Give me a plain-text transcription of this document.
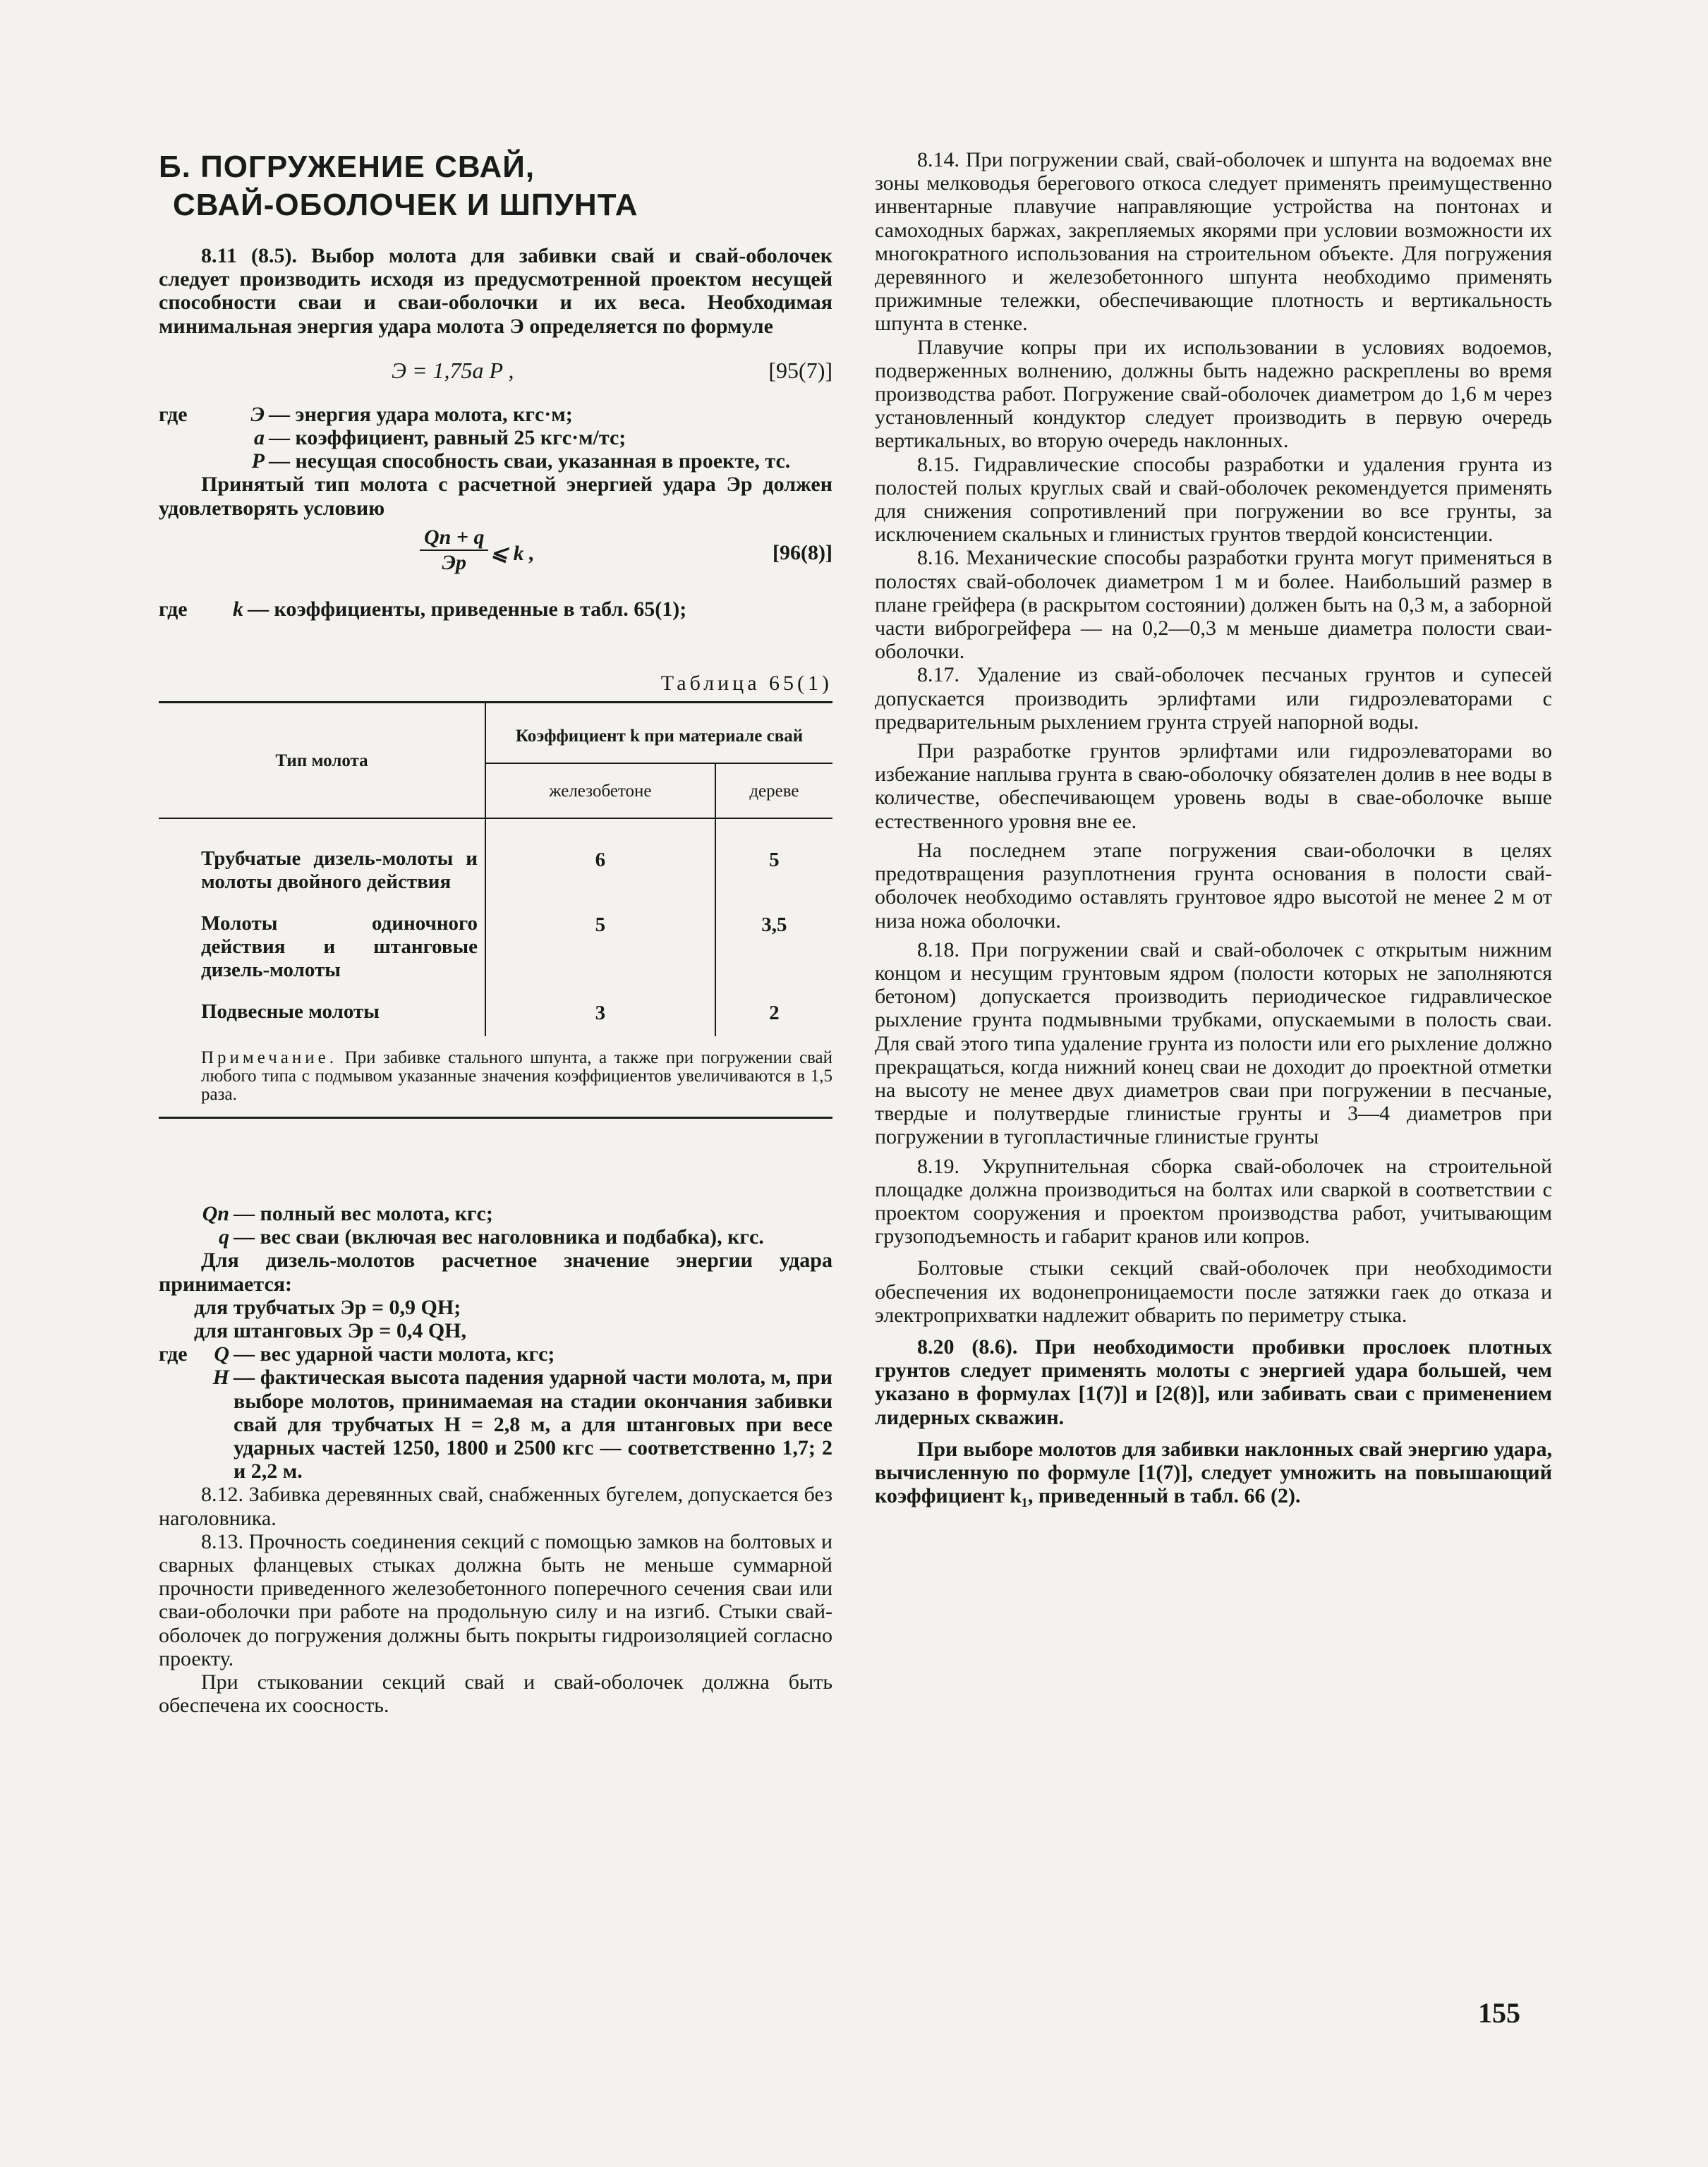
Б. ПОГРУЖЕНИЕ СВАЙ,
СВАЙ-ОБОЛОЧЕК И ШПУНТА

8.11 (8.5). Выбор молота для забивки свай и свай-оболочек следует производить исходя из предусмотренной проектом несущей способности сваи и сваи-оболочки и их веса. Необходимая минимальная энергия удара молота Э определяется по формуле

Э = 1,75a P ,	[95(7)]
где	Э — энергия удара молота, кгс·м;
a — коэффициент, равный 25 кгс·м/тс;
P — несущая способность сваи, указанная в проекте, тс.

Принятый тип молота с расчетной энергией удара Эр должен удовлетворять условию

Qп + q
Эр ⩽ k ,	[96(8)]
где	k — коэффициенты, приведенные в табл. 65(1);
Таблица 65(1)
Тип молота	Коэффициент k при материале свай	
	железобетоне	дереве
Трубчатые дизель-молоты и молоты двойного действия	6	5
Молоты одиночного действия и штанговые дизель-молоты	5	3,5
Подвесные молоты	3	2
Примечание. При забивке стального шпунта, а также при погружении свай любого типа с подмывом указанные значения коэффициентов увеличиваются в 1,5 раза.
Qп — полный вес молота, кгс;
q — вес сваи (включая вес наголовника и подбабка), кгс.

Для дизель-молотов расчетное значение энергии удара принимается:

для трубчатых Эр = 0,9 QH;

для штанговых Эр = 0,4 QH,

где	Q — вес ударной части молота, кгс;
H — фактическая высота падения ударной части молота, м, при выборе молотов, принимаемая на стадии окончания забивки свай для трубчатых H = 2,8 м, а для штанговых при весе ударных частей 1250, 1800 и 2500 кгс — соответственно 1,7; 2 и 2,2 м.

8.12. Забивка деревянных свай, снабженных бугелем, допускается без наголовника.

8.13. Прочность соединения секций с помощью замков на болтовых и сварных фланцевых стыках должна быть не меньше суммарной прочности приведенного железобетонного поперечного сечения сваи или сваи-оболочки при работе на продольную силу и на изгиб. Стыки свай-оболочек до погружения должны быть покрыты гидроизоляцией согласно проекту.

При стыковании секций свай и свай-оболочек должна быть обеспечена их соосность.

8.14. При погружении свай, свай-оболочек и шпунта на водоемах вне зоны мелководья берегового откоса следует применять преимущественно инвентарные плавучие направляющие устройства на понтонах и самоходных баржах, закрепляемых якорями при условии возможности их многократного использования на строительном объекте. Для погружения деревянного и железобетонного шпунта необходимо применять прижимные тележки, обеспечивающие плотность и вертикальность шпунта в стенке.

Плавучие копры при их использовании в условиях водоемов, подверженных волнению, должны быть надежно раскреплены во время производства работ. Погружение свай-оболочек диаметром до 1,6 м через установленный кондуктор следует производить в первую очередь вертикальных, во вторую очередь наклонных.

8.15. Гидравлические способы разработки и удаления грунта из полостей полых круглых свай и свай-оболочек рекомендуется применять для снижения сопротивлений при погружении во все грунты, за исключением скальных и глинистых грунтов твердой консистенции.

8.16. Механические способы разработки грунта могут применяться в полостях свай-оболочек диаметром 1 м и более. Наибольший размер в плане грейфера (в раскрытом состоянии) должен быть на 0,3 м, а заборной части виброгрейфера — на 0,2—0,3 м меньше диаметра полости сваи-оболочки.

8.17. Удаление из свай-оболочек песчаных грунтов и супесей допускается производить эрлифтами или гидроэлеваторами с предварительным рыхлением грунта струей напорной воды.

При разработке грунтов эрлифтами или гидроэлеваторами во избежание наплыва грунта в сваю-оболочку обязателен долив в нее воды в количестве, обеспечивающем уровень воды в свае-оболочке выше естественного уровня вне ее.

На последнем этапе погружения сваи-оболочки в целях предотвращения разуплотнения грунта основания в полости свай-оболочек необходимо оставлять грунтовое ядро высотой не менее 2 м от низа ножа оболочки.

8.18. При погружении свай и свай-оболочек с открытым нижним концом и несущим грунтовым ядром (полости которых не заполняются бетоном) допускается производить периодическое гидравлическое рыхление грунта подмывными трубками, опускаемыми в полость сваи. Для свай этого типа удаление грунта из полости или его рыхление должно прекращаться, когда нижний конец сваи не доходит до проектной отметки на высоту не менее двух диаметров сваи при погружении в песчаные, твердые и полутвердые глинистые грунты и 3—4 диаметров при погружении в тугопластичные глинистые грунты

8.19. Укрупнительная сборка свай-оболочек на строительной площадке должна производиться на болтах или сваркой в соответствии с проектом сооружения и проектом производства работ, учитывающим грузоподъемность и габарит кранов или копров.

Болтовые стыки секций свай-оболочек при необходимости обеспечения их водонепроницаемости после затяжки гаек до отказа и электроприхватки надлежит обварить по периметру стыка.

8.20 (8.6). При необходимости пробивки прослоек плотных грунтов следует применять молоты с энергией удара большей, чем указано в формулах [1(7)] и [2(8)], или забивать сваи с применением лидерных скважин.

При выборе молотов для забивки наклонных свай энергию удара, вычисленную по формуле [1(7)], следует умножить на повышающий коэффициент k₁, приведенный в табл. 66 (2).

155
